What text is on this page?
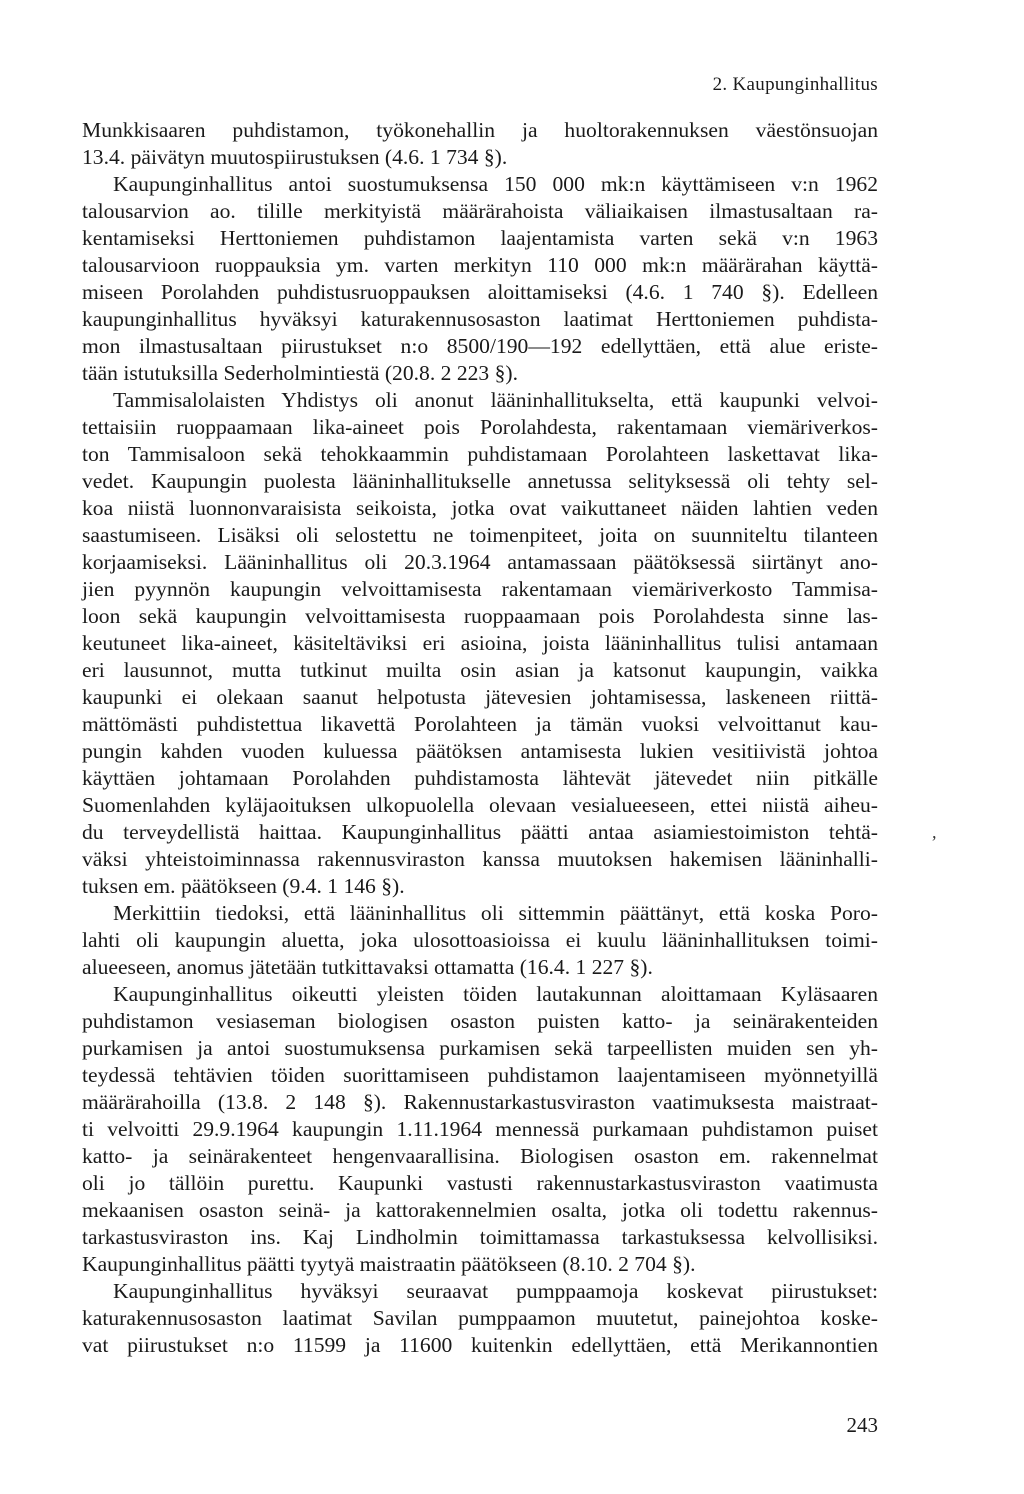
2. Kaupunginhallitus
Munkkisaaren puhdistamon, työkonehallin ja huoltorakennuksen väestönsuojan
13.4. päivätyn muutospiirustuksen (4.6. 1 734 §).
Kaupunginhallitus antoi suostumuksensa 150 000 mk:n käyttämiseen v:n 1962
talousarvion ao. tilille merkityistä määrärahoista väliaikaisen ilmastusaltaan ra-
kentamiseksi Herttoniemen puhdistamon laajentamista varten sekä v:n 1963
talousarvioon ruoppauksia ym. varten merkityn 110 000 mk:n määrärahan käyttä-
miseen Porolahden puhdistusruoppauksen aloittamiseksi (4.6. 1 740 §). Edelleen
kaupunginhallitus hyväksyi katurakennusosaston laatimat Herttoniemen puhdista-
mon ilmastusaltaan piirustukset n:o 8500/190—192 edellyttäen, että alue eriste-
tään istutuksilla Sederholmintiestä (20.8. 2 223 §).
Tammisalolaisten Yhdistys oli anonut lääninhallitukselta, että kaupunki velvoi-
tettaisiin ruoppaamaan lika-aineet pois Porolahdesta, rakentamaan viemäriverkos-
ton Tammisaloon sekä tehokkaammin puhdistamaan Porolahteen laskettavat lika-
vedet. Kaupungin puolesta lääninhallitukselle annetussa selityksessä oli tehty sel-
koa niistä luonnonvaraisista seikoista, jotka ovat vaikuttaneet näiden lahtien veden
saastumiseen. Lisäksi oli selostettu ne toimenpiteet, joita on suunniteltu tilanteen
korjaamiseksi. Lääninhallitus oli 20.3.1964 antamassaan päätöksessä siirtänyt ano-
jien pyynnön kaupungin velvoittamisesta rakentamaan viemäriverkosto Tammisa-
loon sekä kaupungin velvoittamisesta ruoppaamaan pois Porolahdesta sinne las-
keutuneet lika-aineet, käsiteltäviksi eri asioina, joista lääninhallitus tulisi antamaan
eri lausunnot, mutta tutkinut muilta osin asian ja katsonut kaupungin, vaikka
kaupunki ei olekaan saanut helpotusta jätevesien johtamisessa, laskeneen riittä-
mättömästi puhdistettua likavettä Porolahteen ja tämän vuoksi velvoittanut kau-
pungin kahden vuoden kuluessa päätöksen antamisesta lukien vesitiivistä johtoa
käyttäen johtamaan Porolahden puhdistamosta lähtevät jätevedet niin pitkälle
Suomenlahden kyläjaoituksen ulkopuolella olevaan vesialueeseen, ettei niistä aiheu-
du terveydellistä haittaa. Kaupunginhallitus päätti antaa asiamiestoimiston tehtä-
väksi yhteistoiminnassa rakennusviraston kanssa muutoksen hakemisen lääninhalli-
tuksen em. päätökseen (9.4. 1 146 §).
Merkittiin tiedoksi, että lääninhallitus oli sittemmin päättänyt, että koska Poro-
lahti oli kaupungin aluetta, joka ulosottoasioissa ei kuulu lääninhallituksen toimi-
alueeseen, anomus jätetään tutkittavaksi ottamatta (16.4. 1 227 §).
Kaupunginhallitus oikeutti yleisten töiden lautakunnan aloittamaan Kyläsaaren
puhdistamon vesiaseman biologisen osaston puisten katto- ja seinärakenteiden
purkamisen ja antoi suostumuksensa purkamisen sekä tarpeellisten muiden sen yh-
teydessä tehtävien töiden suorittamiseen puhdistamon laajentamiseen myönnetyillä
määrärahoilla (13.8. 2 148 §). Rakennustarkastusviraston vaatimuksesta maistraat-
ti velvoitti 29.9.1964 kaupungin 1.11.1964 mennessä purkamaan puhdistamon puiset
katto- ja seinärakenteet hengenvaarallisina. Biologisen osaston em. rakennelmat
oli jo tällöin purettu. Kaupunki vastusti rakennustarkastusviraston vaatimusta
mekaanisen osaston seinä- ja kattorakennelmien osalta, jotka oli todettu rakennus-
tarkastusviraston ins. Kaj Lindholmin toimittamassa tarkastuksessa kelvollisiksi.
Kaupunginhallitus päätti tyytyä maistraatin päätökseen (8.10. 2 704 §).
Kaupunginhallitus hyväksyi seuraavat pumppaamoja koskevat piirustukset:
katurakennusosaston laatimat Savilan pumppaamon muutetut, painejohtoa koske-
vat piirustukset n:o 11599 ja 11600 kuitenkin edellyttäen, että Merikannontien
243
,
